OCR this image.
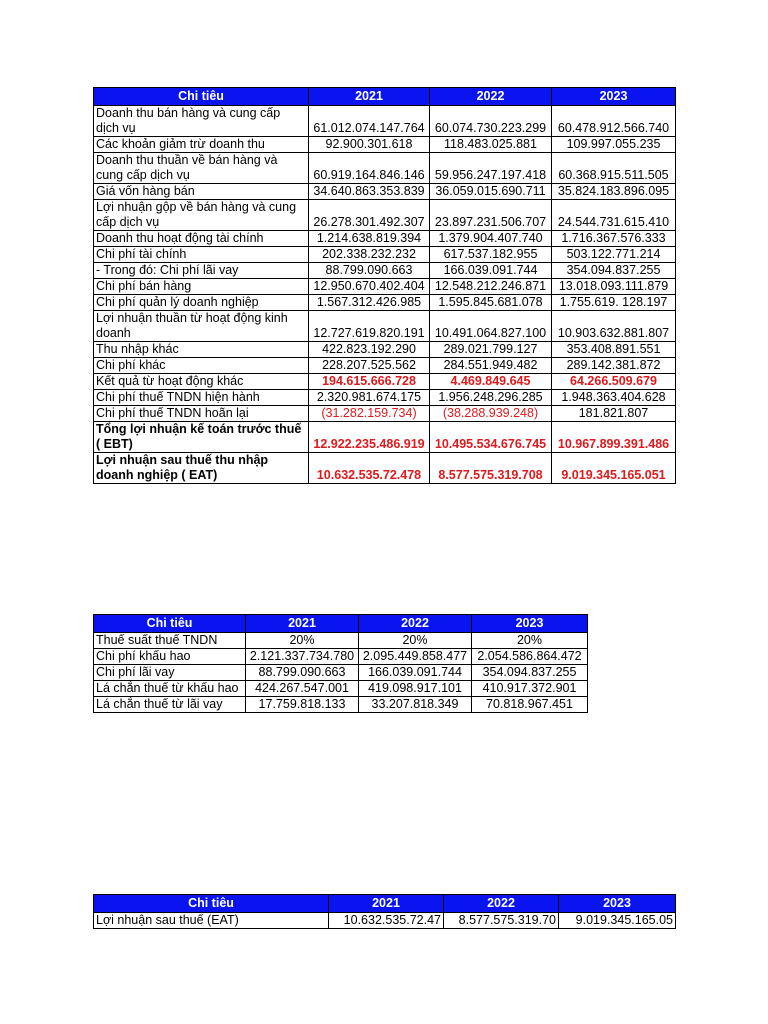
Chi tiêu	2021	2022	2023
Doanh thu bán hàng và cung cấp dịch vụ	61.012.074.147.764	60.074.730.223.299	60.478.912.566.740
Các khoản giảm trừ doanh thu	92.900.301.618	118.483.025.881	109.997.055.235
Doanh thu thuần về bán hàng và cung cấp dịch vụ	60.919.164.846.146	59.956.247.197.418	60.368.915.511.505
Giá vốn hàng bán	34.640.863.353.839	36.059.015.690.711	35.824.183.896.095
Lợi nhuận gộp về bán hàng và cung cấp dịch vụ	26.278.301.492.307	23.897.231.506.707	24.544.731.615.410
Doanh thu hoạt động tài chính	1.214.638.819.394	1.379.904.407.740	1.716.367.576.333
Chi phí tài chính	202.338.232.232	617.537.182.955	503.122.771.214
- Trong đó: Chi phí lãi vay	88.799.090.663	166.039.091.744	354.094.837.255
Chi phí bán hàng	12.950.670.402.404	12.548.212.246.871	13.018.093.111.879
Chi phí quản lý doanh nghiệp	1.567.312.426.985	1.595.845.681.078	1.755.619. 128.197
Lợi nhuận thuần từ hoạt động kinh doanh	12.727.619.820.191	10.491.064.827.100	10.903.632.881.807
Thu nhập khác	422.823.192.290	289.021.799.127	353.408.891.551
Chi phí khác	228.207.525.562	284.551.949.482	289.142.381.872
Kết quả từ hoạt động khác	194.615.666.728	4.469.849.645	64.266.509.679
Chi phí thuế TNDN hiện hành	2.320.981.674.175	1.956.248.296.285	1.948.363.404.628
Chi phí thuế TNDN hoãn lại	(31.282.159.734)	(38.288.939.248)	181.821.807
Tổng lợi nhuận kế toán trước thuế ( EBT)	12.922.235.486.919	10.495.534.676.745	10.967.899.391.486
Lợi nhuận sau thuế thu nhập doanh nghiệp ( EAT)	10.632.535.72.478	8.577.575.319.708	9.019.345.165.051
Chi tiêu	2021	2022	2023
Thuế suất thuế TNDN	20%	20%	20%
Chi phí khấu hao	2.121.337.734.780	2.095.449.858.477	2.054.586.864.472
Chi phí lãi vay	88.799.090.663	166.039.091.744	354.094.837.255
Lá chắn thuế từ khấu hao	424.267.547.001	419.098.917.101	410.917.372.901
Lá chắn thuế từ lãi vay	17.759.818.133	33.207.818.349	70.818.967.451
Chi tiêu	2021	2022	2023
Lợi nhuận sau thuế (EAT)	10.632.535.72.47	8.577.575.319.70	9.019.345.165.05
